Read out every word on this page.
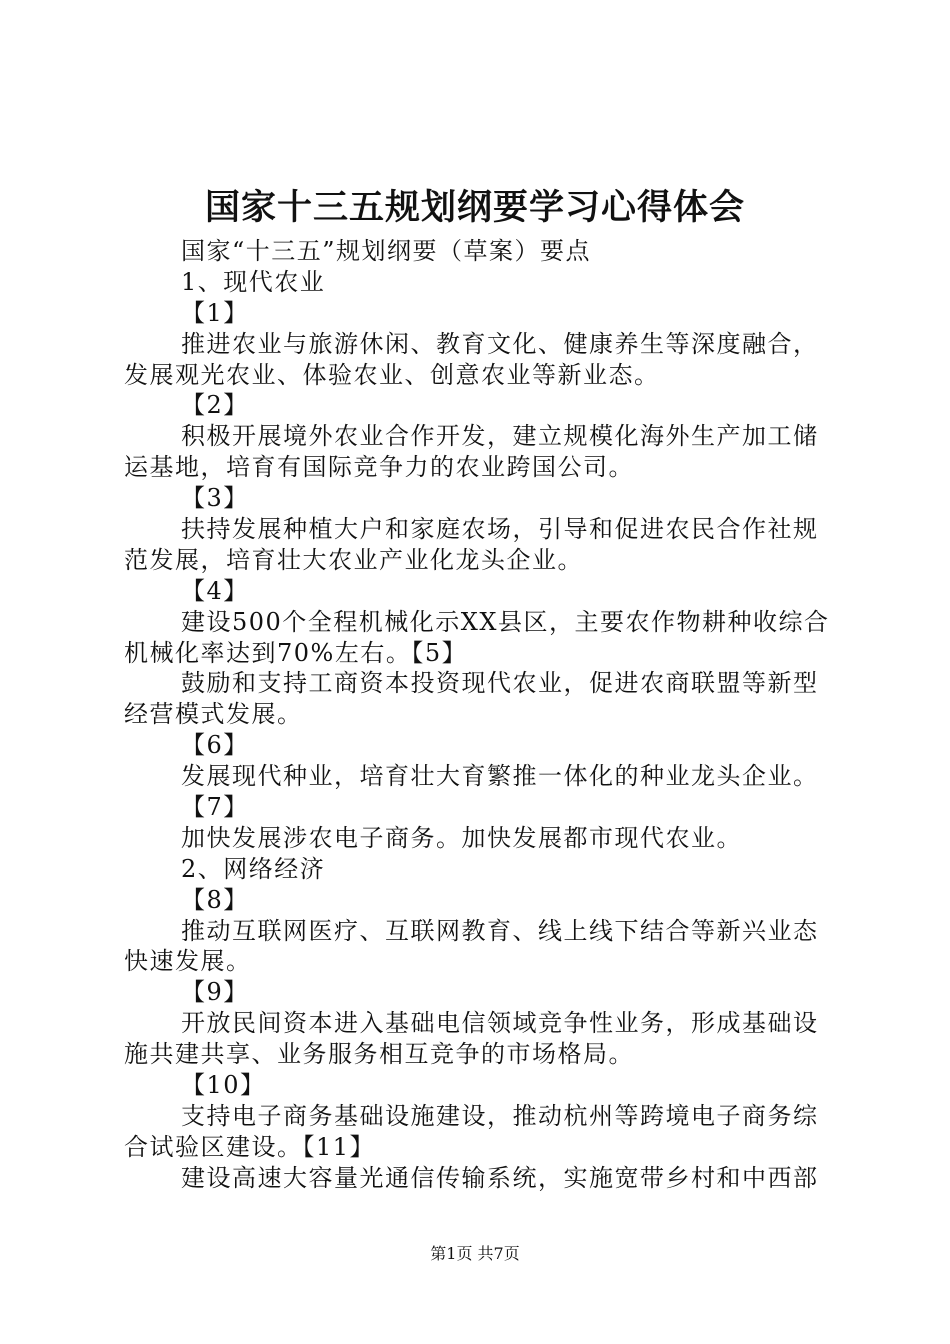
国家十三五规划纲要学习心得体会
国家“十三五”规划纲要（草案）要点
1、现代农业
【1】
推进农业与旅游休闲、教育文化、健康养生等深度融合，
发展观光农业、体验农业、创意农业等新业态。
【2】
积极开展境外农业合作开发，建立规模化海外生产加工储
运基地，培育有国际竞争力的农业跨国公司。
【3】
扶持发展种植大户和家庭农场，引导和促进农民合作社规
范发展，培育壮大农业产业化龙头企业。
【4】
建设500个全程机械化示XX县区，主要农作物耕种收综合
机械化率达到70%左右。【5】
鼓励和支持工商资本投资现代农业，促进农商联盟等新型
经营模式发展。
【6】
发展现代种业，培育壮大育繁推一体化的种业龙头企业。
【7】
加快发展涉农电子商务。加快发展都市现代农业。
2、网络经济
【8】
推动互联网医疗、互联网教育、线上线下结合等新兴业态
快速发展。
【9】
开放民间资本进入基础电信领域竞争性业务，形成基础设
施共建共享、业务服务相互竞争的市场格局。
【10】
支持电子商务基础设施建设，推动杭州等跨境电子商务综
合试验区建设。【11】
建设高速大容量光通信传输系统，实施宽带乡村和中西部
第1页 共7页
